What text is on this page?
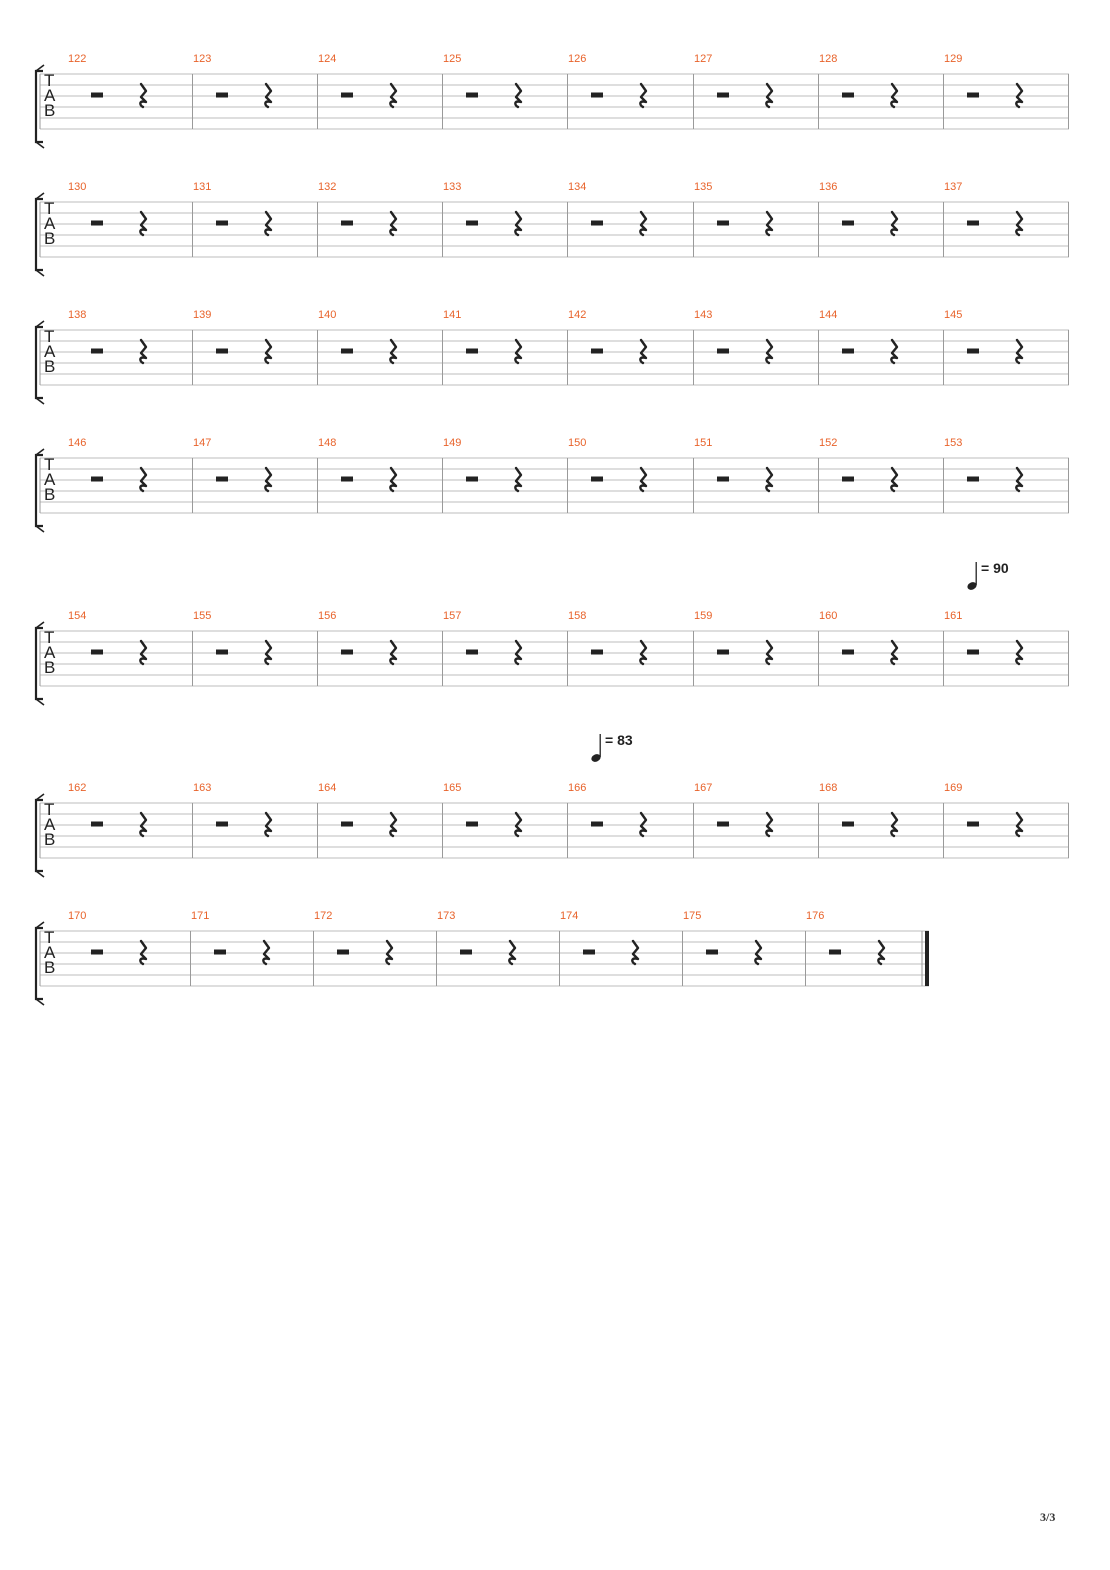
T
A
B
122	123	124	125	126	127	128	129
T
A
B
130	131	132	133	134	135	136	137
T
A
B
138	139	140	141	142	143	144	145
T
A
B
146	147	148	149	150	151	152	153
T
A
B
154	155	156	157	158	159	160	161
= 90
T
A
B
162	163	164	165	166
= 83
167	168	169
T
A
B
170	171	172	173	174	175	176
3/3
